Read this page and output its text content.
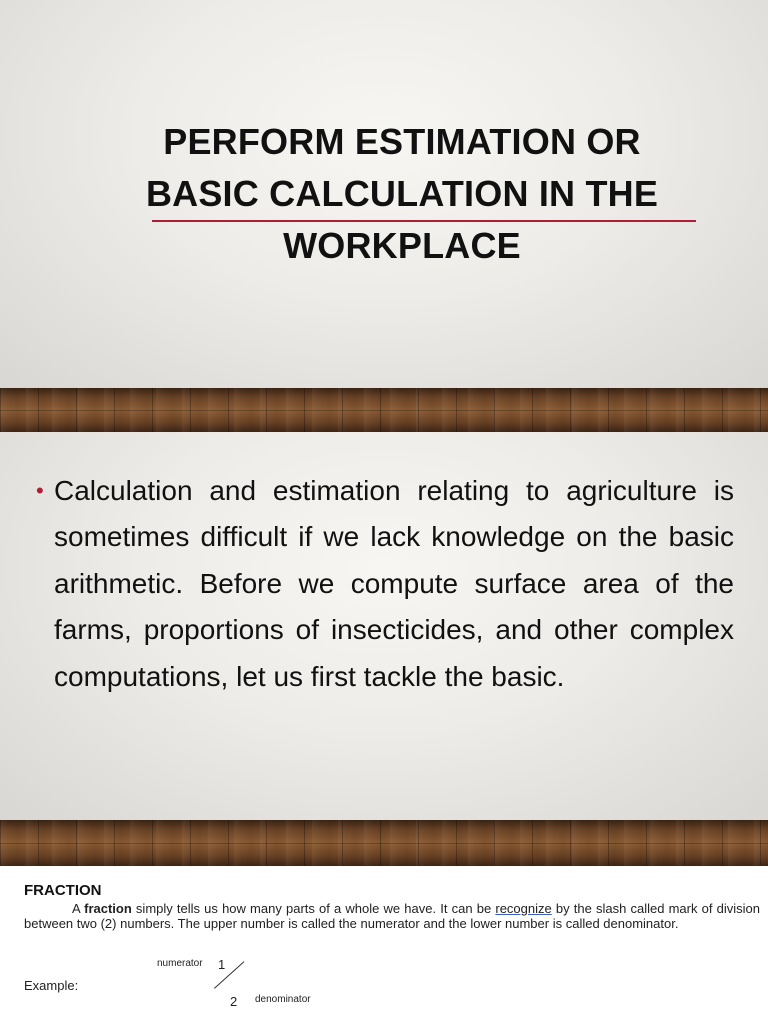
PERFORM ESTIMATION OR
BASIC CALCULATION IN THE
WORKPLACE
• Calculation and estimation relating to agriculture is sometimes difficult if we lack knowledge on the basic arithmetic. Before we compute surface area of the farms, proportions of insecticides, and other complex computations, let us first tackle the basic.
FRACTION
A fraction simply tells us how many parts of a whole we have. It can be recognize by the slash called mark of division between two (2) numbers. The upper number is called the numerator and the lower number is called denominator.
Example:
numerator 1
2 denominator
